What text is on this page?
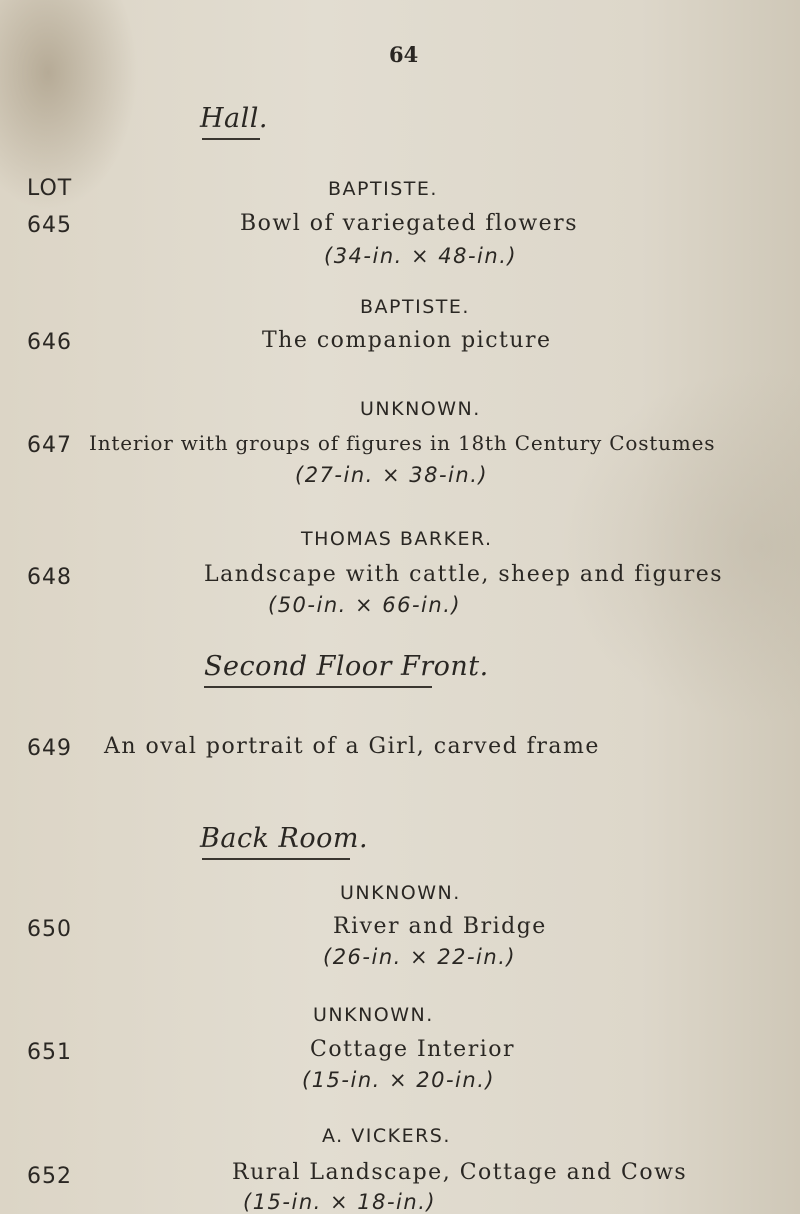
64
Hall.
LOT
645
BAPTISTE.
Bowl of variegated flowers
(34-in. × 48-in.)
646
BAPTISTE.
The companion picture
647
UNKNOWN.
Interior with groups of figures in 18th Century Costumes
(27-in. × 38-in.)
648
THOMAS BARKER.
Landscape with cattle, sheep and figures
(50-in. × 66-in.)
Second Floor Front.
649 An oval portrait of a Girl, carved frame
Back Room.
650
UNKNOWN.
River and Bridge
(26-in. × 22-in.)
651
UNKNOWN.
Cottage Interior
(15-in. × 20-in.)
652
A. VICKERS.
Rural Landscape, Cottage and Cows
(15-in. × 18-in.)
